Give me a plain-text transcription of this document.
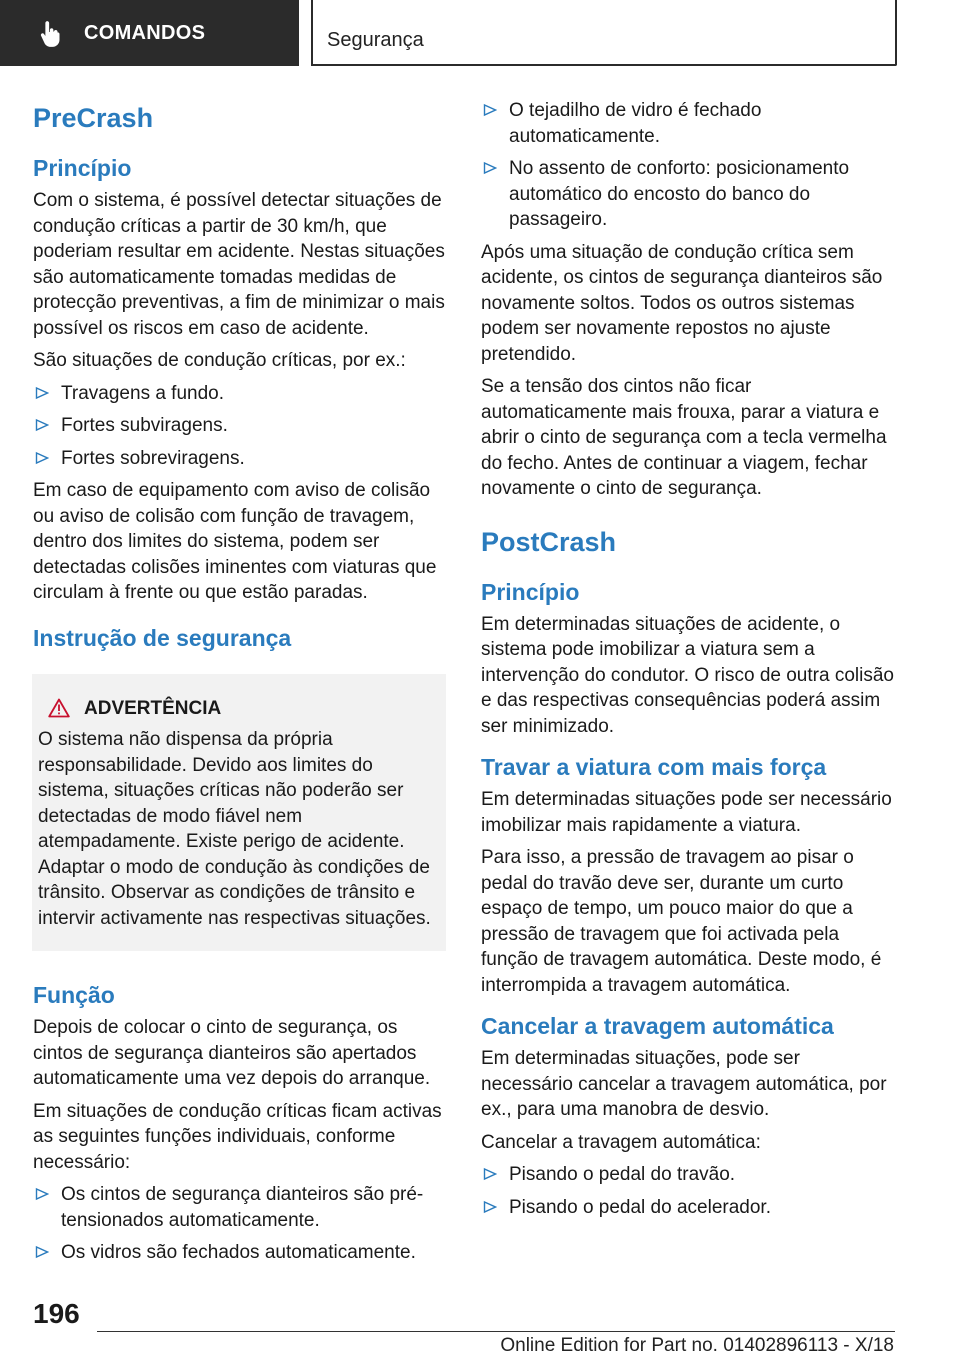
COMANDOS	Segurança
PreCrash
Princípio

Com o sistema, é possível detectar situações de condução críticas a partir de 30 km/h, que poderiam resultar em acidente. Nestas situações são automaticamente tomadas medidas de protecção preventivas, a fim de minimizar o mais possível os riscos em caso de acidente.

São situações de condução críticas, por ex.:

Travagens a fundo.
Fortes subviragens.
Fortes sobreviragens.

Em caso de equipamento com aviso de colisão ou aviso de colisão com função de travagem, dentro dos limites do sistema, podem ser detectadas colisões iminentes com viaturas que circulam à frente ou que estão paradas.

Instrução de segurança
ADVERTÊNCIA

O sistema não dispensa da própria responsabilidade. Devido aos limites do sistema, situações críticas não poderão ser detectadas de modo fiável nem atempadamente. Existe perigo de acidente. Adaptar o modo de condução às condições de trânsito. Observar as condições de trânsito e intervir activamente nas respectivas situações.

Função

Depois de colocar o cinto de segurança, os cintos de segurança dianteiros são apertados automaticamente uma vez depois do arranque.

Em situações de condução críticas ficam activas as seguintes funções individuais, conforme necessário:

Os cintos de segurança dianteiros são pré-tensionados automaticamente.
Os vidros são fechados automaticamente.
O tejadilho de vidro é fechado automaticamente.
No assento de conforto: posicionamento automático do encosto do banco do passageiro.

Após uma situação de condução crítica sem acidente, os cintos de segurança dianteiros são novamente soltos. Todos os outros sistemas podem ser novamente repostos no ajuste pretendido.

Se a tensão dos cintos não ficar automaticamente mais frouxa, parar a viatura e abrir o cinto de segurança com a tecla vermelha do fecho. Antes de continuar a viagem, fechar novamente o cinto de segurança.

PostCrash
Princípio

Em determinadas situações de acidente, o sistema pode imobilizar a viatura sem a intervenção do condutor. O risco de outra colisão e das respectivas consequências poderá assim ser minimizado.

Travar a viatura com mais força

Em determinadas situações pode ser necessário imobilizar mais rapidamente a viatura.

Para isso, a pressão de travagem ao pisar o pedal do travão deve ser, durante um curto espaço de tempo, um pouco maior do que a pressão de travagem que foi activada pela função de travagem automática. Deste modo, é interrompida a travagem automática.

Cancelar a travagem automática

Em determinadas situações, pode ser necessário cancelar a travagem automática, por ex., para uma manobra de desvio.

Cancelar a travagem automática:

Pisando o pedal do travão.
Pisando o pedal do acelerador.
196
Online Edition for Part no. 01402896113 - X/18
